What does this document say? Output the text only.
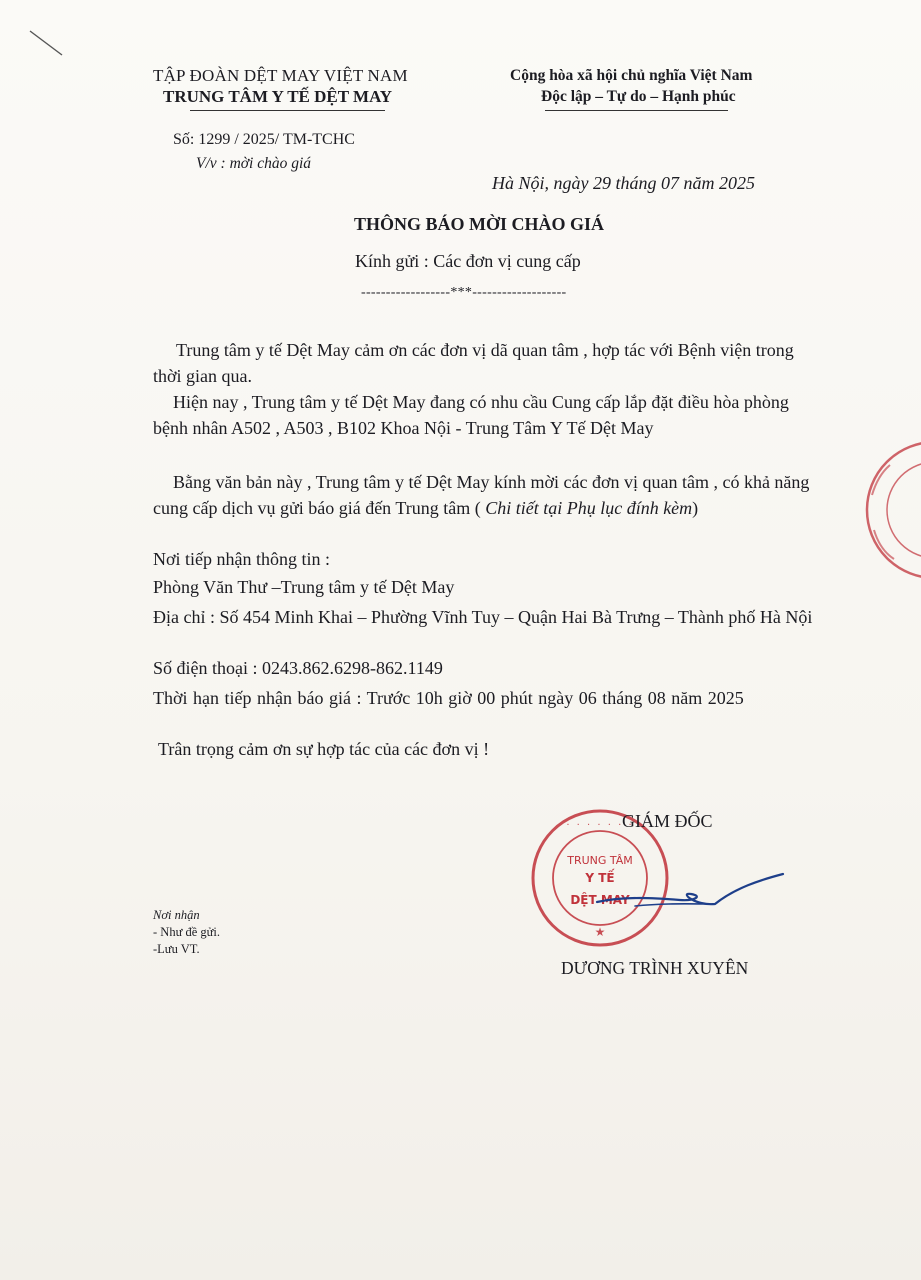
TẬP ĐOÀN DỆT MAY VIỆT NAM
TRUNG TÂM Y TẾ DỆT MAY
Cộng hòa xã hội chủ nghĩa Việt Nam
Độc lập – Tự do – Hạnh phúc
Số: 1299 / 2025/ TM-TCHC
V/v : mời chào giá
Hà Nội, ngày 29 tháng 07 năm 2025
THÔNG BÁO MỜI CHÀO GIÁ
Kính gửi : Các đơn vị cung cấp
------------------***-------------------
Trung tâm y tế Dệt May cảm ơn các đơn vị dã quan tâm , hợp tác với Bệnh viện trong thời gian qua.
Hiện nay , Trung tâm y tế Dệt May đang có nhu cầu Cung cấp lắp đặt điều hòa phòng bệnh nhân A502 , A503 , B102 Khoa Nội - Trung Tâm Y Tế Dệt May
Bằng văn bản này , Trung tâm y tế Dệt May kính mời các đơn vị quan tâm , có khả năng cung cấp dịch vụ gửi báo giá đến Trung tâm ( Chi tiết tại Phụ lục đính kèm)
Nơi tiếp nhận thông tin :
Phòng Văn Thư –Trung tâm y tế Dệt May
Địa chỉ : Số 454 Minh Khai – Phường Vĩnh Tuy – Quận Hai Bà Trưng – Thành phố Hà Nội
Số điện thoại : 0243.862.6298-862.1149
Thời hạn tiếp nhận báo giá : Trước 10h giờ 00 phút ngày 06 tháng 08 năm 2025
Trân trọng cảm ơn sự hợp tác của các đơn vị !
· · · · · · ·
★
TRUNG TÂM
Y TẾ
DỆT MAY
GIÁM ĐỐC
DƯƠNG TRÌNH XUYÊN
Nơi nhận
- Như đề gửi.
-Lưu VT.
